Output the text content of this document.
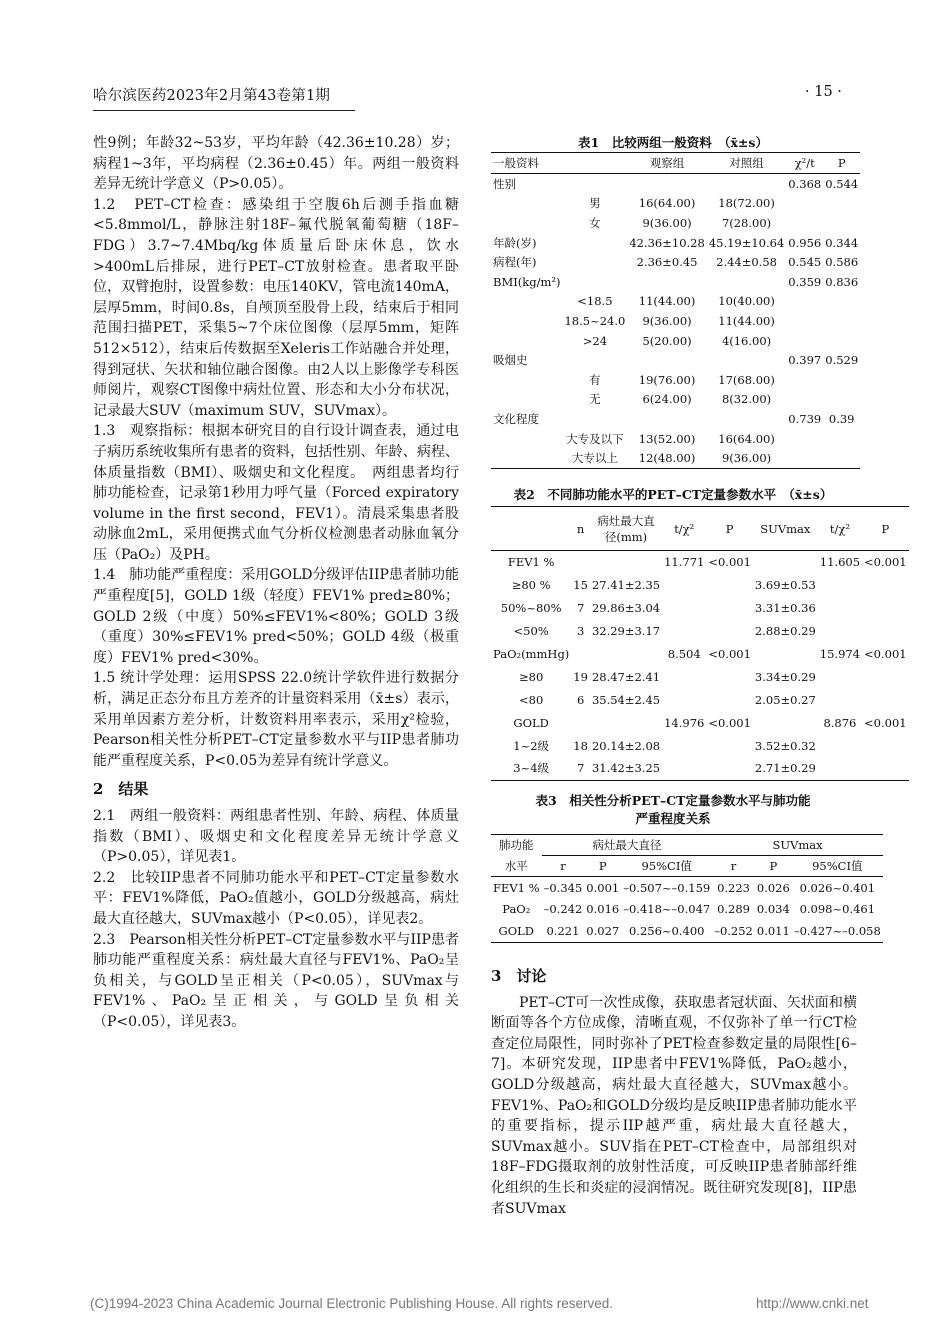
哈尔滨医药2023年2月第43卷第1期	· 15 ·

性9例；年龄32~53岁，平均年龄（42.36±10.28）岁；病程1~3年，平均病程（2.36±0.45）年。两组一般资料差异无统计学意义（P>0.05）。

1.2　PET–CT检查：感染组于空腹6h后测手指血糖<5.8mmol/L，静脉注射18F–氟代脱氧葡萄糖（18F–FDG）3.7~7.4Mbq/kg体质量后卧床休息，饮水>400mL后排尿，进行PET–CT放射检查。患者取平卧位，双臂抱肘，设置参数：电压140KV，管电流140mA，层厚5mm，时间0.8s，自颅顶至股骨上段，结束后于相同范围扫描PET，采集5~7个床位图像（层厚5mm，矩阵512×512），结束后传数据至Xeleris工作站融合并处理，得到冠状、矢状和轴位融合图像。由2人以上影像学专科医师阅片，观察CT图像中病灶位置、形态和大小分布状况，记录最大SUV（maximum SUV，SUVmax）。

1.3　观察指标：根据本研究目的自行设计调查表，通过电子病历系统收集所有患者的资料，包括性别、年龄、病程、体质量指数（BMI）、吸烟史和文化程度。　两组患者均行肺功能检查，记录第1秒用力呼气量（Forced expiratory volume in the first second，FEV1）。清晨采集患者股动脉血2mL，采用便携式血气分析仪检测患者动脉血氧分压（PaO₂）及PH。

1.4　肺功能严重程度：采用GOLD分级评估IIP患者肺功能严重程度[5]，GOLD 1级（轻度）FEV1% pred≥80%；GOLD 2级（中度）50%≤FEV1%<80%；GOLD 3级（重度）30%≤FEV1% pred<50%；GOLD 4级（极重度）FEV1% pred<30%。

1.5 统计学处理：运用SPSS 22.0统计学软件进行数据分析，满足正态分布且方差齐的计量资料采用（x̄±s）表示，采用单因素方差分析，计数资料用率表示，采用χ²检验，Pearson相关性分析PET–CT定量参数水平与IIP患者肺功能严重程度关系，P<0.05为差异有统计学意义。

2　结果

2.1　两组一般资料：两组患者性别、年龄、病程、体质量指数（BMI）、吸烟史和文化程度差异无统计学意义（P>0.05），详见表1。

2.2　比较IIP患者不同肺功能水平和PET–CT定量参数水平：FEV1%降低，PaO₂值越小，GOLD分级越高，病灶最大直径越大，SUVmax越小（P<0.05），详见表2。

2.3　Pearson相关性分析PET–CT定量参数水平与IIP患者肺功能严重程度关系：病灶最大直径与FEV1%、PaO₂呈负相关，与GOLD呈正相关（P<0.05），SUVmax与FEV1%、PaO₂呈正相关，与GOLD呈负相关（P<0.05），详见表3。

表1　比较两组一般资料　（x̄±s）
一般资料		观察组	对照组	χ²/t	P
性别				0.368	0.544
	男	16(64.00)	18(72.00)		
	女	9(36.00)	7(28.00)		
年龄(岁)		42.36±10.28	45.19±10.64	0.956	0.344
病程(年)		2.36±0.45	2.44±0.58	0.545	0.586
BMI(kg/m²)				0.359	0.836
	<18.5	11(44.00)	10(40.00)		
	18.5~24.0	9(36.00)	11(44.00)		
	>24	5(20.00)	4(16.00)		
吸烟史				0.397	0.529
	有	19(76.00)	17(68.00)		
	无	6(24.00)	8(32.00)		
文化程度				0.739	0.39
	大专及以下	13(52.00)	16(64.00)		
	大专以上	12(48.00)	9(36.00)		
表2　不同肺功能水平的PET–CT定量参数水平　（x̄±s）
	n	病灶最大直径(mm)	t/χ²	P	SUVmax	t/χ²	P
FEV1 %			11.771	<0.001		11.605	<0.001
≥80 %	15	27.41±2.35			3.69±0.53		
50%~80%	7	29.86±3.04			3.31±0.36		
<50%	3	32.29±3.17			2.88±0.29		
PaO₂(mmHg)			8.504	<0.001		15.974	<0.001
≥80	19	28.47±2.41			3.34±0.29		
<80	6	35.54±2.45			2.05±0.27		
GOLD			14.976	<0.001		8.876	<0.001
1~2级	18	20.14±2.08			3.52±0.32		
3~4级	7	31.42±3.25			2.71±0.29		
表3　相关性分析PET–CT定量参数水平与肺功能
严重程度关系
肺功能	病灶最大直径			SUVmax		
水平	r	P	95%CI值	r	P	95%CI值
FEV1 %	–0.345	0.001	–0.507~–0.159	0.223	0.026	0.026~0.401
PaO₂	–0.242	0.016	–0.418~–0.047	0.289	0.034	0.098~0.461
GOLD	0.221	0.027	0.256~0.400	–0.252	0.011	–0.427~–0.058

3　讨论

PET–CT可一次性成像，获取患者冠状面、矢状面和横断面等各个方位成像，清晰直观，不仅弥补了单一行CT检查定位局限性，同时弥补了PET检查参数定量的局限性[6–7]。本研究发现，IIP患者中FEV1%降低，PaO₂越小，GOLD分级越高，病灶最大直径越大，SUVmax越小。FEV1%、PaO₂和GOLD分级均是反映IIP患者肺功能水平的重要指标，提示IIP越严重，病灶最大直径越大，SUVmax越小。SUV指在PET–CT检查中，局部组织对18F–FDG摄取剂的放射性活度，可反映IIP患者肺部纤维化组织的生长和炎症的浸润情况。既往研究发现[8]，IIP患者SUVmax

(C)1994-2023 China Academic Journal Electronic Publishing House. All rights reserved.	http://www.cnki.net
